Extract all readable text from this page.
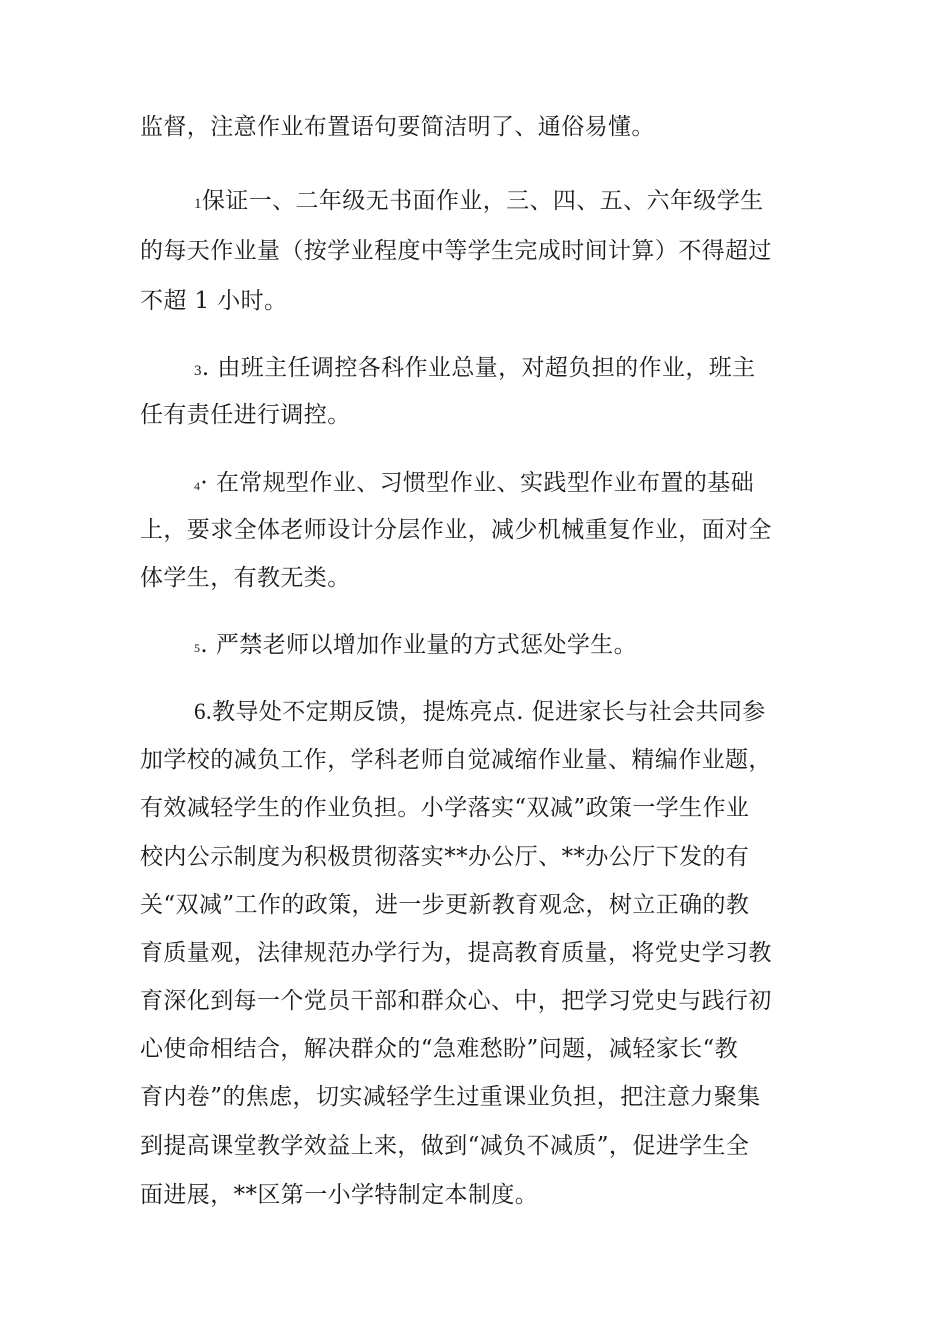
监督，注意作业布置语句要简洁明了、通俗易懂。
1保证一、二年级无书面作业，三、四、五、六年级学生
的每天作业量（按学业程度中等学生完成时间计算）不得超过
不超 1 小时。
3. 由班主任调控各科作业总量，对超负担的作业，班主
任有责任进行调控。
4· 在常规型作业、习惯型作业、实践型作业布置的基础
上，要求全体老师设计分层作业，减少机械重复作业，面对全
体学生，有教无类。
5. 严禁老师以增加作业量的方式惩处学生。
6.教导处不定期反馈，提炼亮点. 促进家长与社会共同参
加学校的减负工作，学科老师自觉减缩作业量、精编作业题，
有效减轻学生的作业负担。小学落实“双减”政策一学生作业
校内公示制度为积极贯彻落实**办公厅、**办公厅下发的有
关“双减”工作的政策，进一步更新教育观念，树立正确的教
育质量观，法律规范办学行为，提高教育质量，将党史学习教
育深化到每一个党员干部和群众心、中，把学习党史与践行初
心使命相结合，解决群众的“急难愁盼”问题，减轻家长“教
育内卷”的焦虑，切实减轻学生过重课业负担，把注意力聚集
到提高课堂教学效益上来，做到“减负不减质”，促进学生全
面进展，**区第一小学特制定本制度。
